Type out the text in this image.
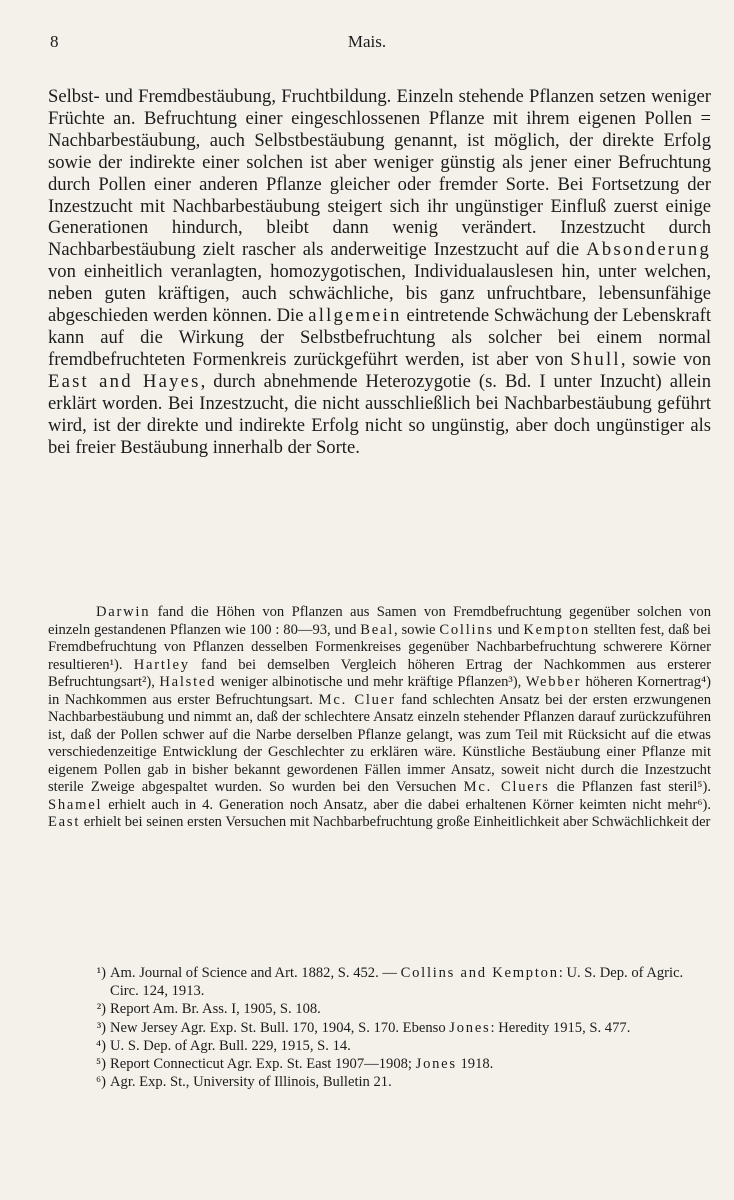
8	Mais.

Selbst- und Fremdbestäubung, Fruchtbildung. Einzeln stehende Pflanzen setzen weniger Früchte an. Befruchtung einer eingeschlossenen Pflanze mit ihrem eigenen Pollen = Nachbarbestäubung, auch Selbstbestäubung genannt, ist möglich, der direkte Erfolg sowie der indirekte einer solchen ist aber weniger günstig als jener einer Befruchtung durch Pollen einer anderen Pflanze gleicher oder fremder Sorte. Bei Fortsetzung der Inzestzucht mit Nachbarbestäubung steigert sich ihr ungünstiger Einfluß zuerst einige Generationen hindurch, bleibt dann wenig verändert. Inzestzucht durch Nachbarbestäubung zielt rascher als anderweitige Inzestzucht auf die Absonderung von einheitlich veranlagten, homozygotischen, Individualauslesen hin, unter welchen, neben guten kräftigen, auch schwächliche, bis ganz unfruchtbare, lebensunfähige abgeschieden werden können. Die allgemein eintretende Schwächung der Lebenskraft kann auf die Wirkung der Selbstbefruchtung als solcher bei einem normal fremdbefruchteten Formenkreis zurückgeführt werden, ist aber von Shull, sowie von East and Hayes, durch abnehmende Heterozygotie (s. Bd. I unter Inzucht) allein erklärt worden. Bei Inzestzucht, die nicht ausschließlich bei Nachbarbestäubung geführt wird, ist der direkte und indirekte Erfolg nicht so ungünstig, aber doch ungünstiger als bei freier Bestäubung innerhalb der Sorte.

Darwin fand die Höhen von Pflanzen aus Samen von Fremdbefruchtung gegenüber solchen von einzeln gestandenen Pflanzen wie 100 : 80—93, und Beal, sowie Collins und Kempton stellten fest, daß bei Fremdbefruchtung von Pflanzen desselben Formenkreises gegenüber Nachbarbefruchtung schwerere Körner resultieren¹). Hartley fand bei demselben Vergleich höheren Ertrag der Nachkommen aus ersterer Befruchtungsart²), Halsted weniger albinotische und mehr kräftige Pflanzen³), Webber höheren Kornertrag⁴) in Nachkommen aus erster Befruchtungsart. Mc. Cluer fand schlechten Ansatz bei der ersten erzwungenen Nachbarbestäubung und nimmt an, daß der schlechtere Ansatz einzeln stehender Pflanzen darauf zurückzuführen ist, daß der Pollen schwer auf die Narbe derselben Pflanze gelangt, was zum Teil mit Rücksicht auf die etwas verschiedenzeitige Entwicklung der Geschlechter zu erklären wäre. Künstliche Bestäubung einer Pflanze mit eigenem Pollen gab in bisher bekannt gewordenen Fällen immer Ansatz, soweit nicht durch die Inzestzucht sterile Zweige abgespaltet wurden. So wurden bei den Versuchen Mc. Cluers die Pflanzen fast steril⁵). Shamel erhielt auch in 4. Generation noch Ansatz, aber die dabei erhaltenen Körner keimten nicht mehr⁶). East erhielt bei seinen ersten Versuchen mit Nachbarbefruchtung große Einheitlichkeit aber Schwächlichkeit der

¹) Am. Journal of Science and Art. 1882, S. 452. — Collins and Kempton: U. S. Dep. of Agric. Circ. 124, 1913.

²) Report Am. Br. Ass. I, 1905, S. 108.

³) New Jersey Agr. Exp. St. Bull. 170, 1904, S. 170. Ebenso Jones: Heredity 1915, S. 477.

⁴) U. S. Dep. of Agr. Bull. 229, 1915, S. 14.

⁵) Report Connecticut Agr. Exp. St. East 1907—1908; Jones 1918.

⁶) Agr. Exp. St., University of Illinois, Bulletin 21.
